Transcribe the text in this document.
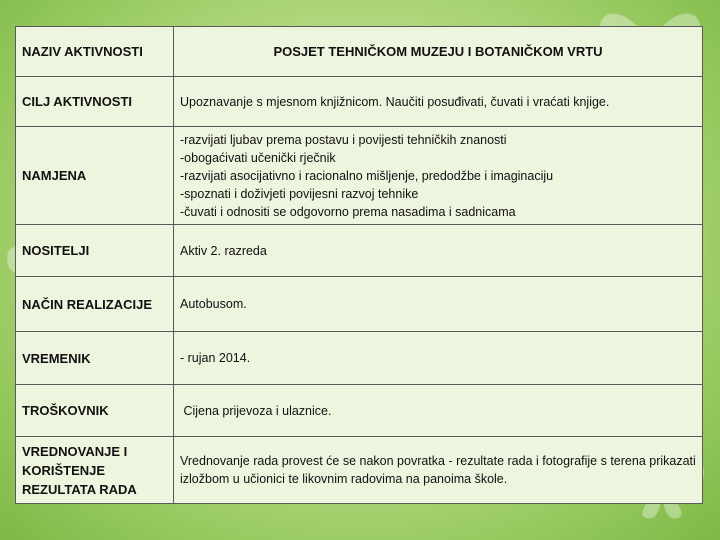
NAZIV AKTIVNOSTI	POSJET TEHNIČKOM MUZEJU I BOTANIČKOM VRTU
CILJ AKTIVNOSTI	Upoznavanje s mjesnom knjižnicom. Naučiti posuđivati, čuvati i vraćati knjige.
NAMJENA	-razvijati ljubav prema postavu i povijesti tehničkih znanosti
-obogaćivati učenički rječnik
-razvijati asocijativno i racionalno mišljenje, predodžbe i imaginaciju
-spoznati i doživjeti povijesni razvoj tehnike
-čuvati i odnositi se odgovorno prema nasadima i sadnicama

NOSITELJI	Aktiv 2. razreda
NAČIN REALIZACIJE	Autobusom.
VREMENIK	- rujan 2014.
TROŠKOVNIK	Cijena prijevoza i ulaznice.
VREDNOVANJE I KORIŠTENJE REZULTATA RADA	Vrednovanje rada provest će se nakon povratka - rezultate rada i fotografije s terena prikazati izložbom u učionici te likovnim radovima na panoima škole.
